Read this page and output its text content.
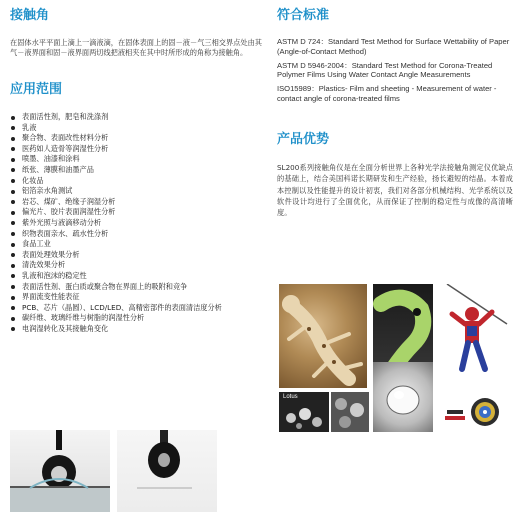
接触角

在固体水平平面上滴上一滴液滴，在固体表面上的固－液－气三相交界点处由其气－液界面和固－液界面两切线把液相夹在其中时所形成的角称为接触角。

应用范围
表面活性剂，肥皂和洗涤剂
乳液
聚合物、表面改性材料分析
医药如人造骨等润湿性分析
喷墨、油漆和涂料
纸张、薄膜和油墨产品
化妆品
铝箔亲水角测试
岩芯、煤矿、绝缘子润湿分析
偏光片、胶片表面润湿性分析
紫外光照与液滴移动分析
织物表面亲水、疏水性分析
食品工业
表面处理效果分析
清洗效果分析
乳液和泡沫的稳定性
表面活性剂、蛋白质或聚合物在界面上的吸附和竞争
界面流变性能表征
PCB、芯片（晶圆）、LCD/LED、高精密部件的表面清洁度分析
碳纤维、玻璃纤维与树脂的润湿性分析
电润湿转化及其接触角变化
符合标准

ASTM D 724：Standard Test Method for Surface Wettability of Paper (Angle-of-Contact Method)

ASTM D 5946-2004：Standard Test Method for Corona-Treated Polymer Films Using Water Contact Angle Measurements

ISO15989：Plastics- Film and sheeting - Measurement of water - contact angle of corona-treated films

产品优势

SL200系列接触角仪是在全面分析世界上各种光学法接触角测定仪优缺点的基础上，结合美国科诺长期研发和生产经验，扬长避短的结晶。本着成本控制以及性能提升的设计初衷，我们对各部分机械结构、光学系统以及软件设计均进行了全面优化，从而保证了控制的稳定性与成像的高清晰度。

Lotus
